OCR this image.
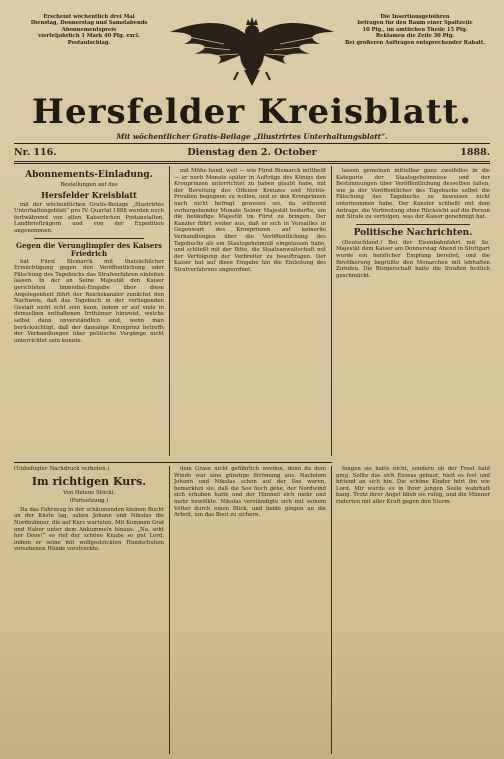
Erscheint wöchentlich drei Mal
Dienstag, Donnerstag und Samstabends
Abonnementspreis
vierteljährlich 1 Mark 40 Pfg. excl.
Postaufschlag.
Die Insertionsgebühren
betragen für den Raum einer Spaltzeile
10 Pfg., im amtlichen Theile 15 Pfg.
Reklamen die Zeile 30 Pfg.
Bei größeren Aufträgen entsprechender Rabatt.
Hersfelder Kreisblatt.
Mit wöchentlicher Gratis-Beilage „Illustrirtes Unterhaltungsblatt“.
Nr. 116.	Dienstag den 2. October	1888.
Abonnements-Einladung.

Bestellungen auf das

Hersfelder Kreisblatt

mit der wöchentlichen Gratis-Beilage „Illustrirtes Unterhaltungsblatt“ pro IV. Quartal 1888 werden noch fortwährend von allen Kaiserlichen Postanstalten, Landbriefträgern und von der Expedition angenommen.

Gegen die Verunglimpfer des Kaisers Friedrich

hat Fürst Bismarck mit thatsächlicher Ermächtigung gegen den Veröffentlichung oder Fälschung des Tagebuchs das Strafverfahren einleiten lassen. In der an Seine Majestät den Kaiser gerichteten Immediat-Eingabe über diese Angelegenheit führt der Reichskanzler zunächst den Nachweis, daß das Tagebuch in der vorliegenden Gestalt nicht echt sein kann, indem er auf viele in demselben enthaltenen Irrthümer hinweist, welche selbst dann unverständlich sind, wenn man berücksichtigt, daß der damalige Kronprinz betreffs der Verhandlungen über politische Vorgänge nicht unterrichtet sein konnte.

mit Mühe hand, weil — wie Fürst Bismarck mittheilt — er noch Monate später in Aufträge des Königs den Kronprinzen unterrichtet zu haben glaubt habe, mit der Bereitung des Offenen Kreuzes und Nichts-Preußen begegnen zu wollen, und er den Kronprinzen nach nicht befragt gewesen sei, da während vorhergehender Monate Seiner Majestät bedurfte, um die beiläufige Majestät im Fürst zu bringen. Der Kanzler führt weiter aus, daß er sich in Versailles in Gegenwart des Kronprinzen auf keinerlei Verhandlungen über die Veröffentlichung des Tagebuchs als ein Staatsgeheimniß eingelassen habe, und schließt mit der Bitte, die Staatsanwaltschaft mit der Verfolgung der Verbreiter zu beauftragen. Der Kaiser hat auf diese Eingabe hin die Einleitung des Strafverfahrens angeordnet.

lassen gemeinen mittelbar ganz zweifellos in die Kategorie der Staatsgeheimnisse und der Bestimmungen über Veröffentlichung desselben fallen, wie ja der Veröffentlicher des Tagebuchs selbst die Fälschung des Tagebuchs zu beweisen nicht unternommen habe. Der Kanzler schließt mit dem Antrage, die Verbreitung ohne Rücksicht auf die Person mit Strafe zu verfolgen, was der Kaiser genehmigt hat.

Politische Nachrichten.

(Deutschland.) Bei der Eisenbahnfahrt mit Se. Majestät dem Kaiser am Donnerstag Abend in Stuttgart wurde ein herzlicher Empfang bereitet, und die Bevölkerung begrüßte den Monarchen mit lebhaften Zurufen. Die Bürgerschaft hatte die Straßen festlich geschmückt.

(Unbefugter Nachdruck verboten.)

Im richtigen Kurs.

Von Helene Stöckl.

(Fortsetzung.)

Da das Fahrzeug in der schäumenden kleinen Bucht an der Küste lag, sahen Johann und Nikolas die Nordmänner, die auf Kurs warteten. Mit Kommen Graf und Haber unter dem Ankummeln hinaus. „Na, seht her Doos!“ so rief der schöne Knabe so gut Lord, indem er seine mit wollgestrickten Handschuhen versehenen Hände vorstreckte.

dem Grase nicht gefährlich werden, denn da dem Winde war eine günstige Strömung aus. Nachdem Johann und Nikolas schon auf der See waren, bemerkten sie, daß die See hoch gehe, der Nordwind sich erhoben hatte und der Himmel sich mehr und mehr bewölkte. Nikolas verständigte sich mit seinem Vetter durch einen Blick, und beide gingen an die Arbeit, um das Boot zu sichern.

fangen sie hatte nicht, sondern ob der Frost bald ging. Sollte das sich Eiswas gebaut, hielt es fest und bittend an sich hin. Die schöne Kinder hört ihn wie Lord. Mir wurde es in ihrer jungen Seele wahrhaft bang. Trotz ihrer Angst blieb sie ruhig, und die Männer ruderten mit aller Kraft gegen den Sturm.
